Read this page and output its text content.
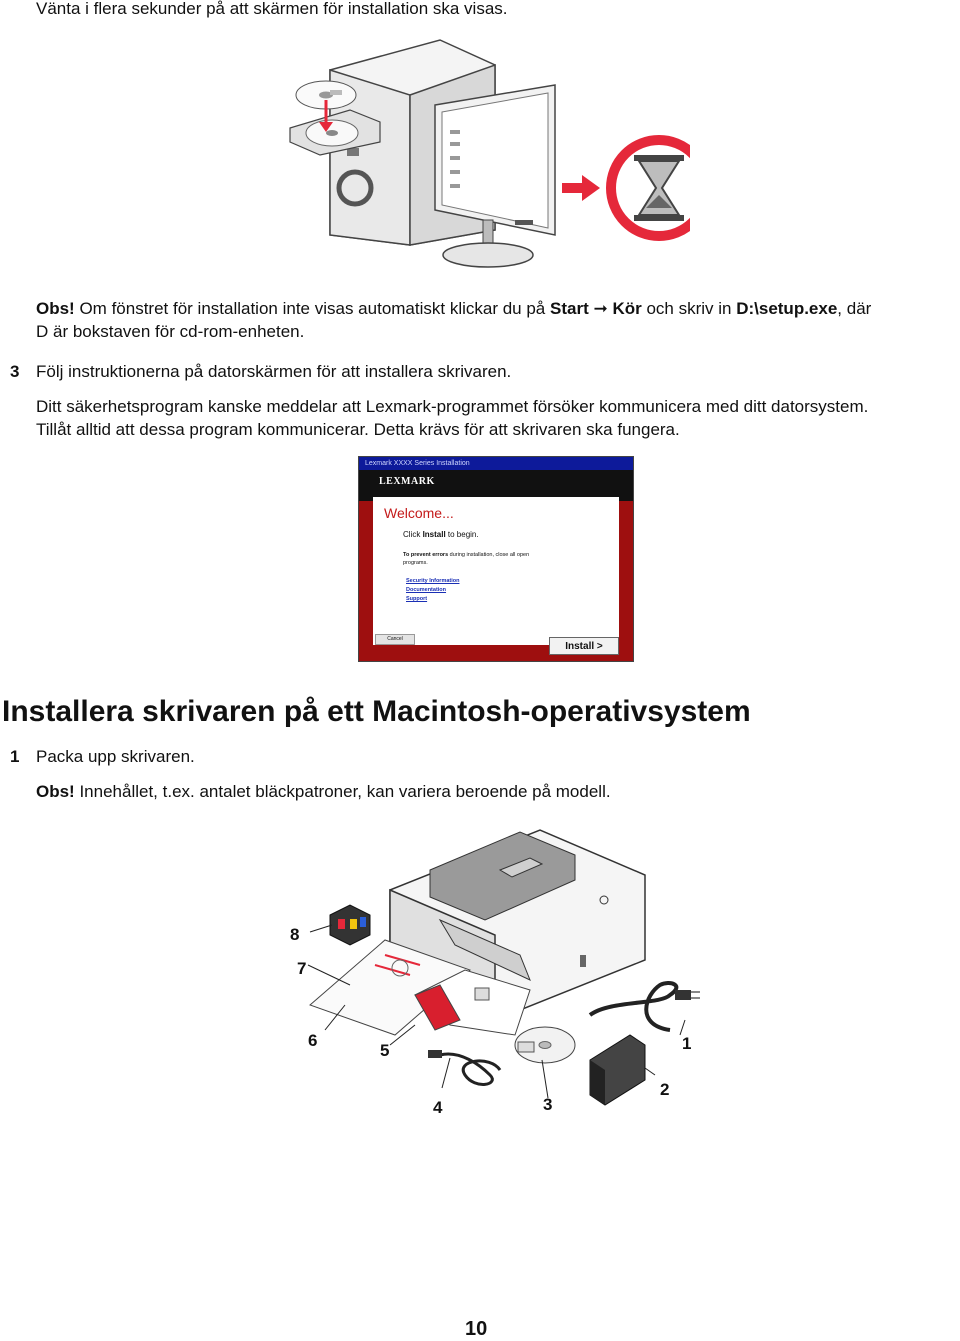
Vänta i flera sekunder på att skärmen för installation ska visas.
Obs! Om fönstret för installation inte visas automatiskt klickar du på Start ➞ Kör och skriv in D:\setup.exe, där
D är bokstaven för cd-rom-enheten.
3 Följ instruktionerna på datorskärmen för att installera skrivaren.
Ditt säkerhetsprogram kanske meddelar att Lexmark-programmet försöker kommunicera med ditt datorsystem.
Tillåt alltid att dessa program kommunicerar. Detta krävs för att skrivaren ska fungera.
Lexmark XXXX Series Installation
LEXMARK
Welcome...
Click Install to begin.
To prevent errors during installation, close all open programs.
Security Information
Documentation
Support
Cancel
Install >
Installera skrivaren på ett Macintosh-operativsystem
1 Packa upp skrivaren.
Obs! Innehållet, t.ex. antalet bläckpatroner, kan variera beroende på modell.
1
2
3
4
5
6
7
8
10
